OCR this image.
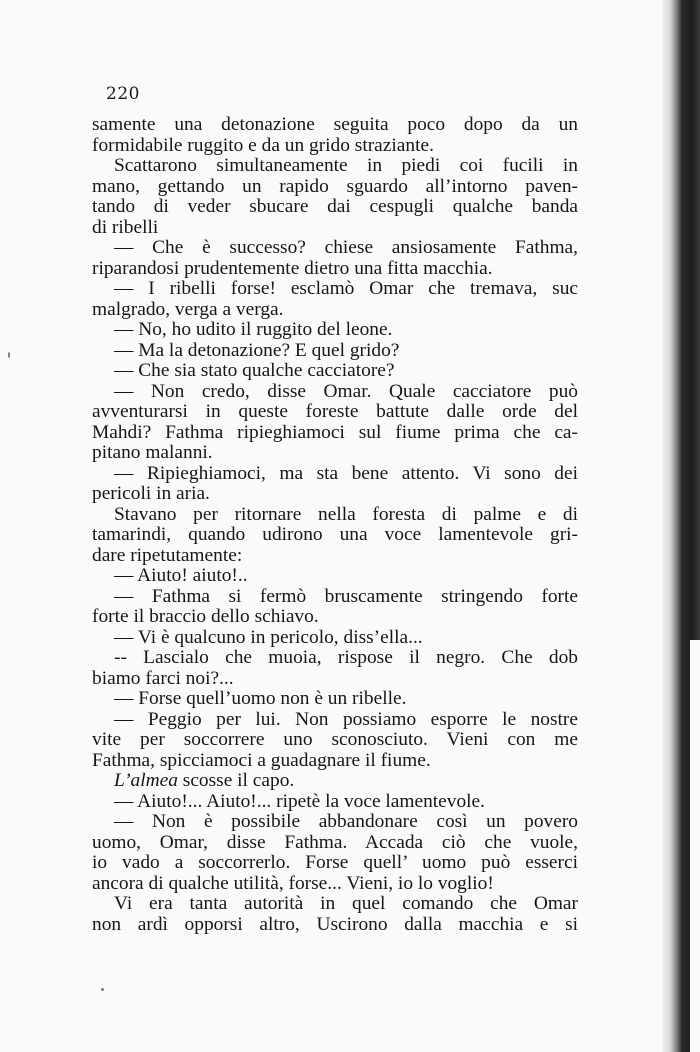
220
samente una detonazione seguita poco dopo da un
formidabile ruggito e da un grido straziante.
Scattarono simultaneamente in piedi coi fucili in
mano, gettando un rapido sguardo all’intorno paven-
tando di veder sbucare dai cespugli qualche banda
di ribelli
— Che è successo? chiese ansiosamente Fathma,
riparandosi prudentemente dietro una fitta macchia.
— I ribelli forse! esclamò Omar che tremava, suc
malgrado, verga a verga.
— No, ho udito il ruggito del leone.
— Ma la detonazione? E quel grido?
— Che sia stato qualche cacciatore?
— Non credo, disse Omar. Quale cacciatore può
avventurarsi in queste foreste battute dalle orde del
Mahdi? Fathma ripieghiamoci sul fiume prima che ca-
pitano malanni.
— Ripieghiamoci, ma sta bene attento. Vi sono dei
pericoli in aria.
Stavano per ritornare nella foresta di palme e di
tamarindi, quando udirono una voce lamentevole gri-
dare ripetutamente:
— Aiuto! aiuto!..
— Fathma si fermò bruscamente stringendo forte
forte il braccio dello schiavo.
— Vi è qualcuno in pericolo, diss’ella...
-- Lascialo che muoia, rispose il negro. Che dob
biamo farci noi?...
— Forse quell’uomo non è un ribelle.
— Peggio per lui. Non possiamo esporre le nostre
vite per soccorrere uno sconosciuto. Vieni con me
Fathma, spicciamoci a guadagnare il fiume.
L’almea scosse il capo.
— Aiuto!... Aiuto!... ripetè la voce lamentevole.
— Non è possibile abbandonare così un povero
uomo, Omar, disse Fathma. Accada ciò che vuole,
io vado a soccorrerlo. Forse quell’ uomo può esserci
ancora di qualche utilità, forse... Vieni, io lo voglio!
Vi era tanta autorità in quel comando che Omar
non ardì opporsi altro, Uscirono dalla macchia e si
